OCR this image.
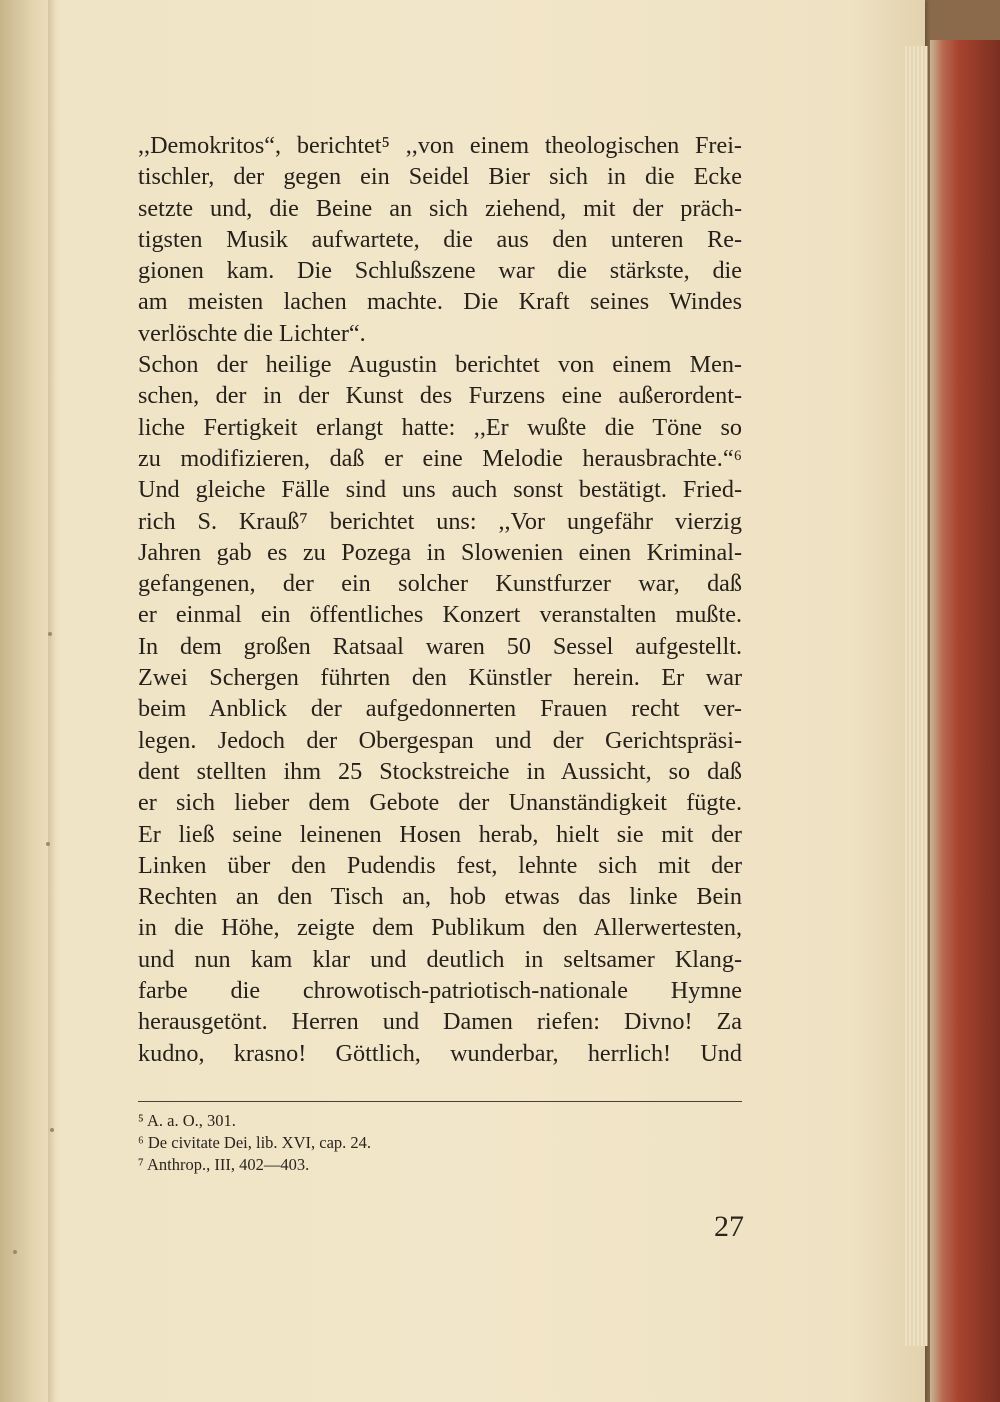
,,Demokritos“, berichtet⁵ ,,von einem theologischen Frei-
tischler, der gegen ein Seidel Bier sich in die Ecke
setzte und, die Beine an sich ziehend, mit der präch-
tigsten Musik aufwartete, die aus den unteren Re-
gionen kam. Die Schlußszene war die stärkste, die
am meisten lachen machte. Die Kraft seines Windes
verlöschte die Lichter“.
Schon der heilige Augustin berichtet von einem Men-
schen, der in der Kunst des Furzens eine außerordent-
liche Fertigkeit erlangt hatte: ,,Er wußte die Töne so
zu modifizieren, daß er eine Melodie herausbrachte.“⁶
Und gleiche Fälle sind uns auch sonst bestätigt. Fried-
rich S. Krauß⁷ berichtet uns: ,,Vor ungefähr vierzig
Jahren gab es zu Pozega in Slowenien einen Kriminal-
gefangenen, der ein solcher Kunstfurzer war, daß
er einmal ein öffentliches Konzert veranstalten mußte.
In dem großen Ratsaal waren 50 Sessel aufgestellt.
Zwei Schergen führten den Künstler herein. Er war
beim Anblick der aufgedonnerten Frauen recht ver-
legen. Jedoch der Obergespan und der Gerichtspräsi-
dent stellten ihm 25 Stockstreiche in Aussicht, so daß
er sich lieber dem Gebote der Unanständigkeit fügte.
Er ließ seine leinenen Hosen herab, hielt sie mit der
Linken über den Pudendis fest, lehnte sich mit der
Rechten an den Tisch an, hob etwas das linke Bein
in die Höhe, zeigte dem Publikum den Allerwertesten,
und nun kam klar und deutlich in seltsamer Klang-
farbe die chrowotisch-patriotisch-nationale Hymne
herausgetönt. Herren und Damen riefen: Divno! Za
kudno, krasno! Göttlich, wunderbar, herrlich! Und
⁵ A. a. O., 301.
⁶ De civitate Dei, lib. XVI, cap. 24.
⁷ Anthrop., III, 402—403.
27
